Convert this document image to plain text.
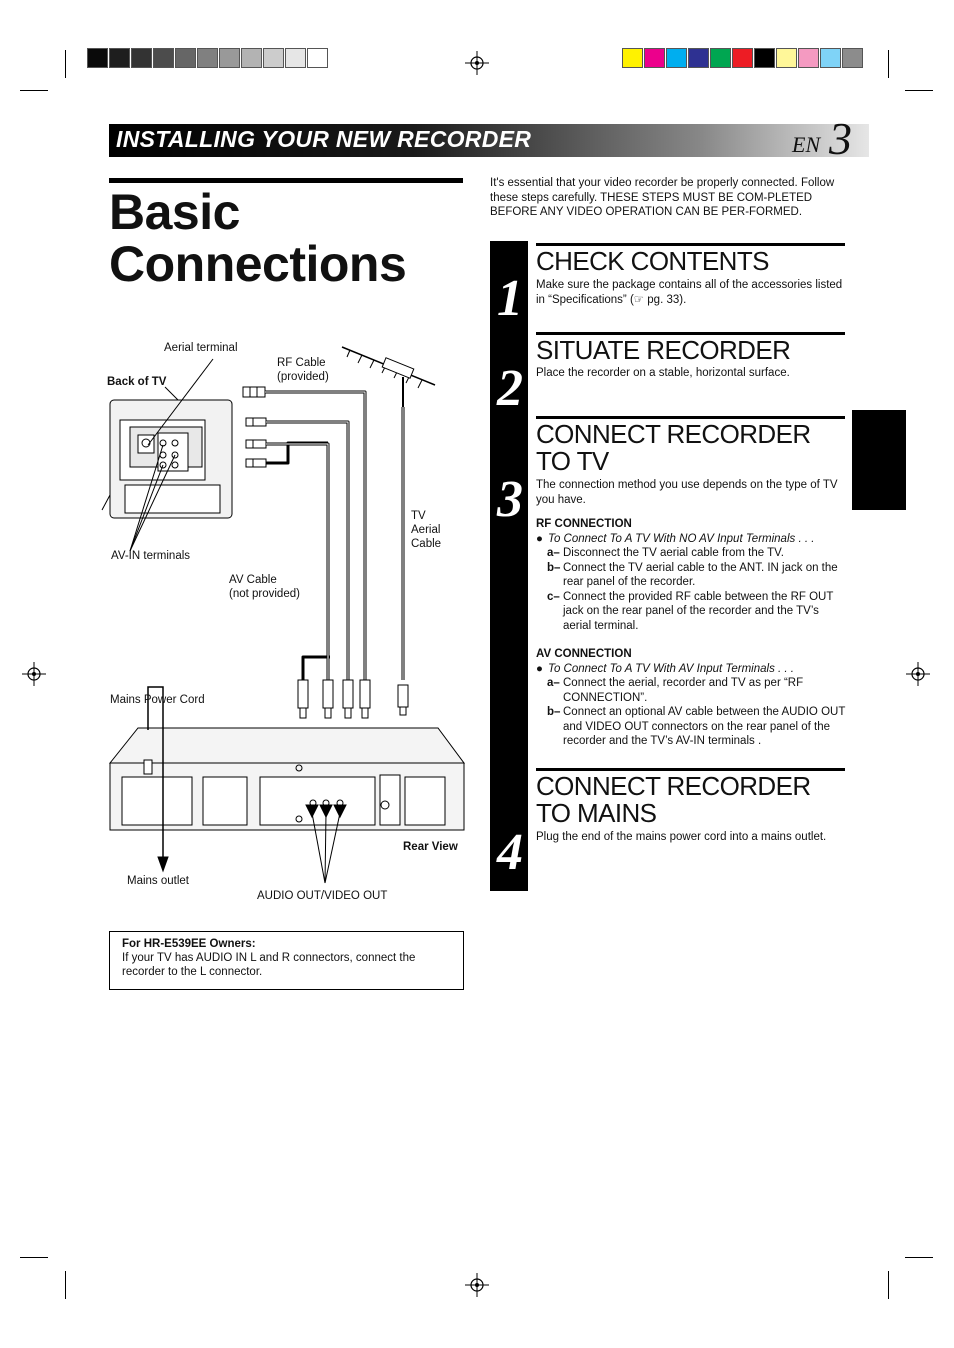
INSTALLING YOUR NEW RECORDER	EN 3
Basic
Connections
It's essential that your video recorder be properly connected. Follow these steps carefully. THESE STEPS MUST BE COM-PLETED BEFORE ANY VIDEO OPERATION CAN BE PER-FORMED.
1
2
3
4
CHECK CONTENTS
Make sure the package contains all of the accessories listed in “Specifications” (☞ pg. 33).
SITUATE RECORDER
Place the recorder on a stable, horizontal surface.
CONNECT RECORDER TO TV
The connection method you use depends on the type of TV you have.
RF CONNECTION
● To Connect To A TV With NO AV Input Terminals . . .
a– Disconnect the TV aerial cable from the TV.
b– Connect the TV aerial cable to the ANT. IN jack on the rear panel of the recorder.
c– Connect the provided RF cable between the RF OUT jack on the rear panel of the recorder and the TV’s aerial terminal.
AV CONNECTION
● To Connect To A TV With AV Input Terminals . . .
a– Connect the aerial, recorder and TV as per “RF CONNECTION”.
b– Connect an optional AV cable between the AUDIO OUT and VIDEO OUT connectors on the rear panel of the recorder and the TV’s AV-IN terminals .
CONNECT RECORDER TO MAINS
Plug the end of the mains power cord into a mains outlet.
Aerial terminal
Back of TV
RF Cable
(provided)
TV
Aerial
Cable
AV-IN terminals
AV Cable
(not provided)
Mains Power Cord
Rear View
Mains outlet
AUDIO OUT/VIDEO OUT
For HR-E539EE Owners:
If your TV has AUDIO IN L and R connectors, connect the recorder to the L connector.
